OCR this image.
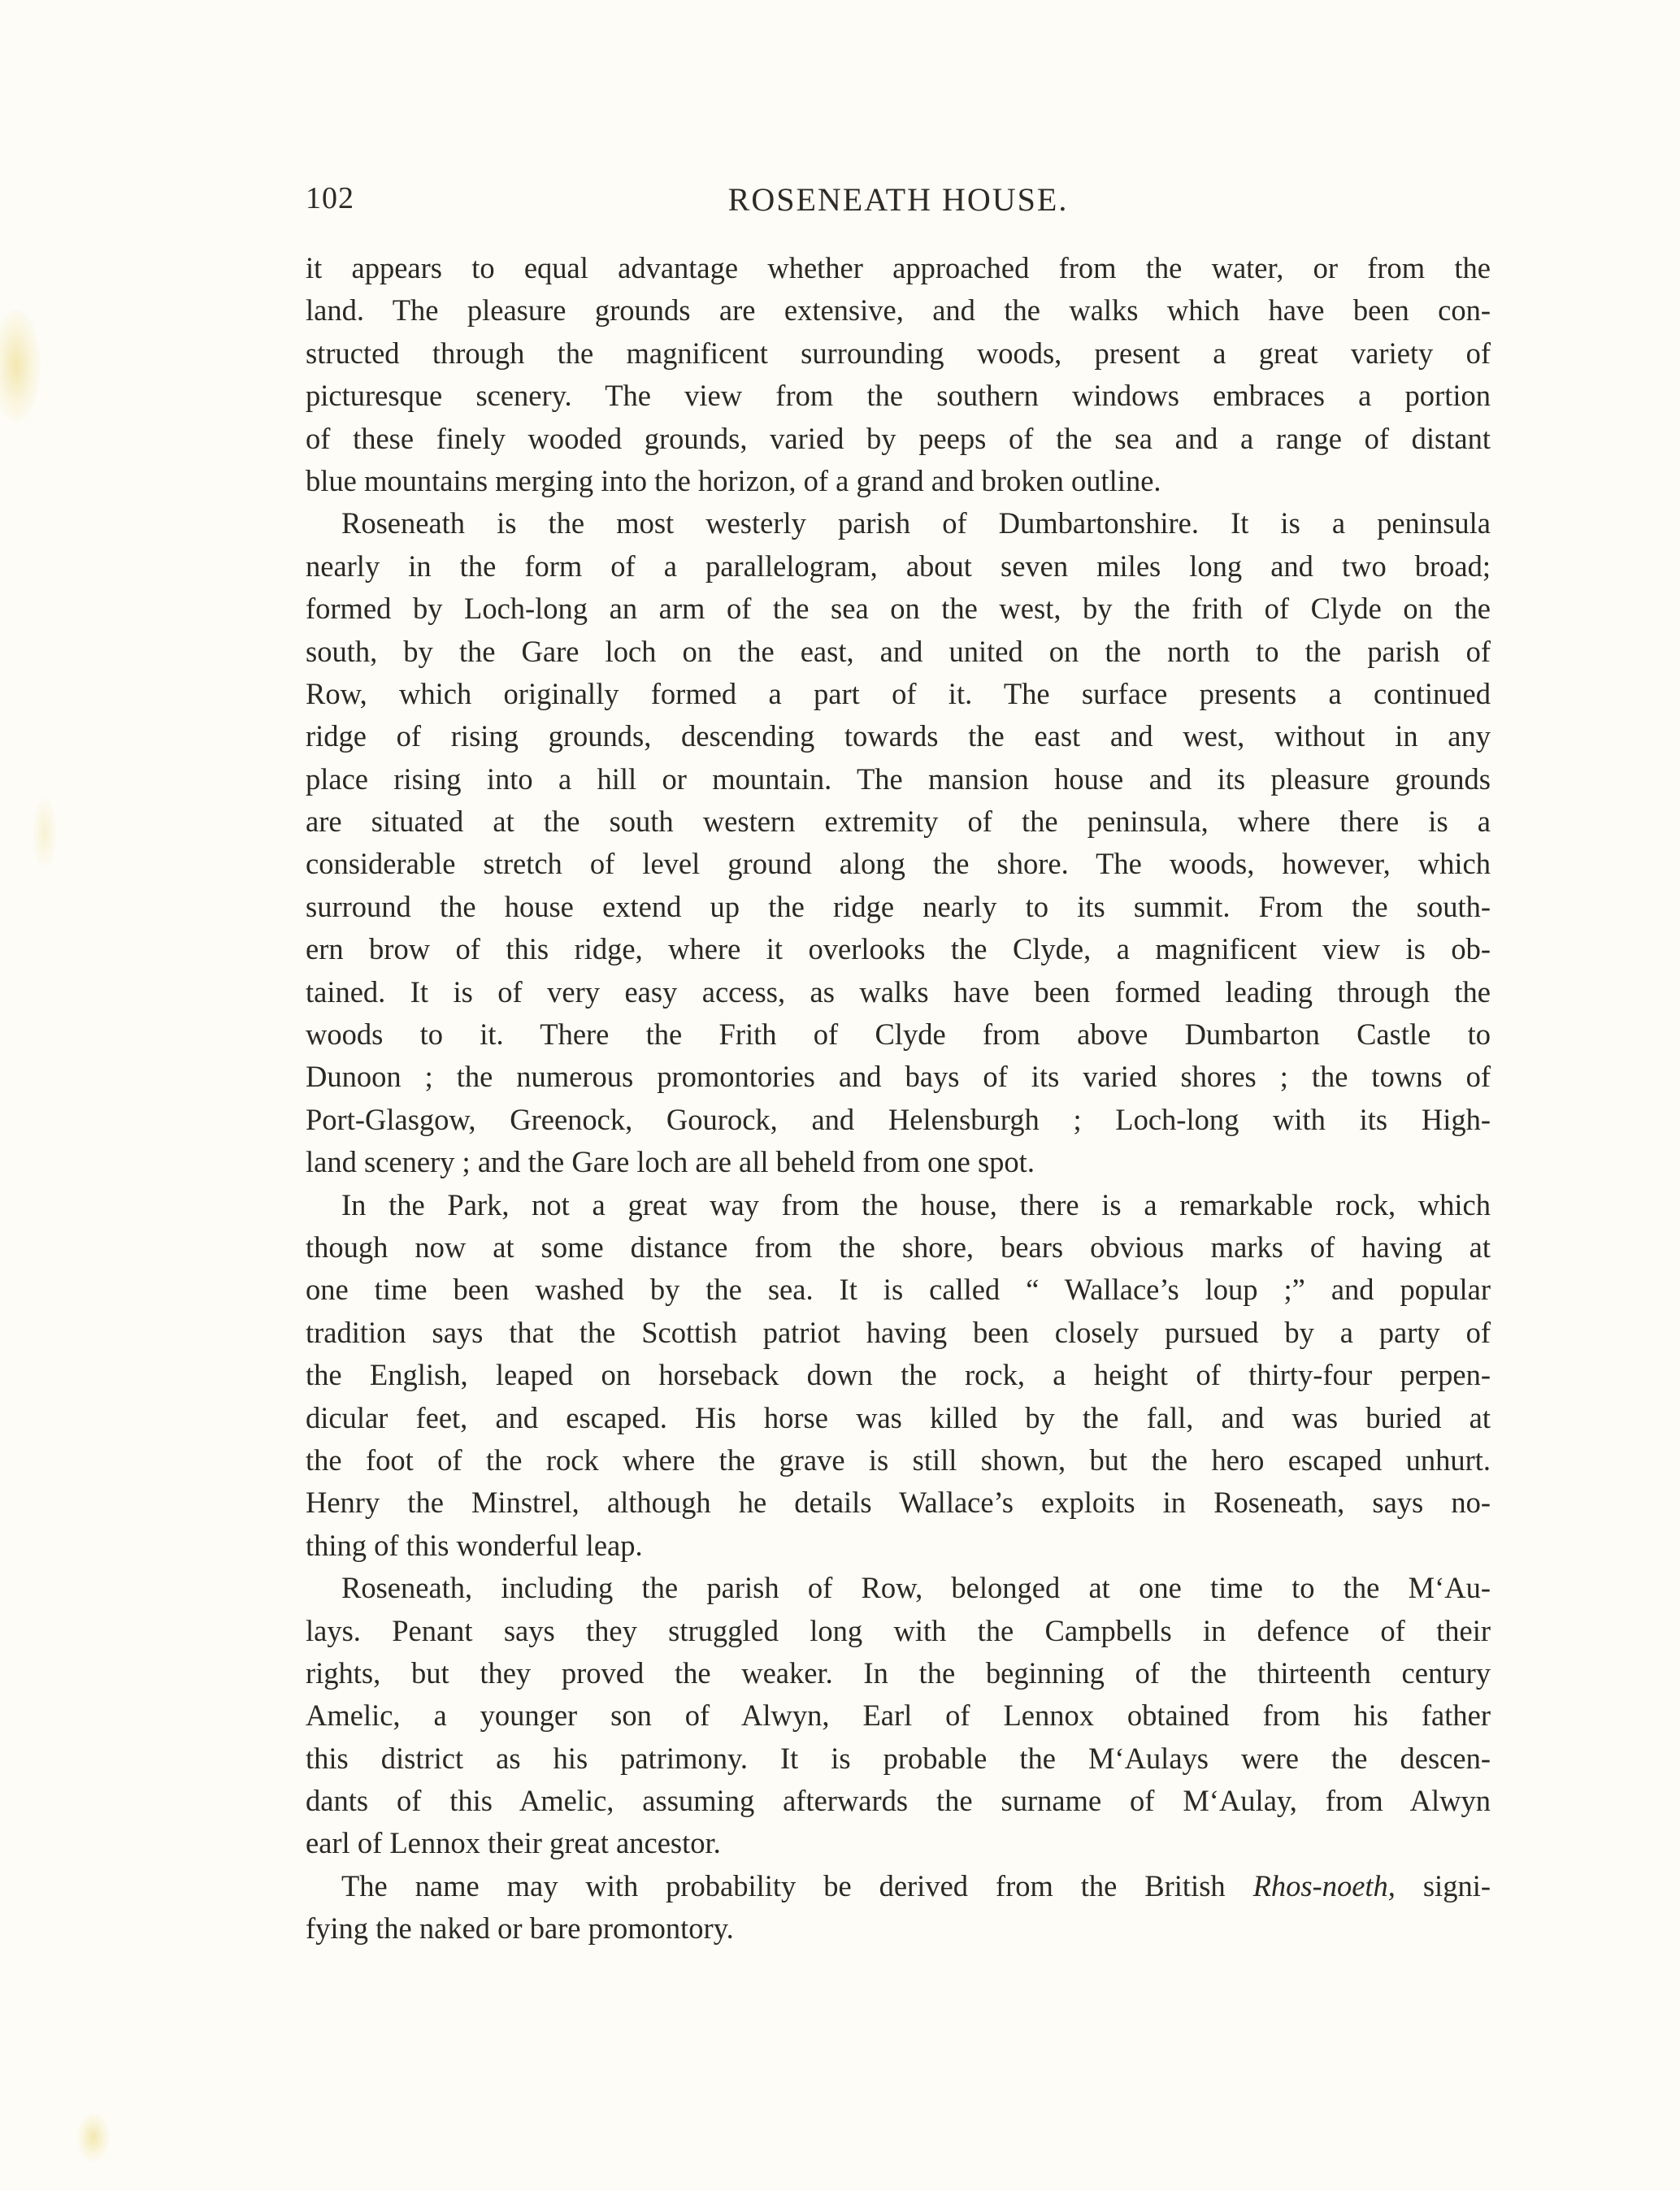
102	ROSENEATH HOUSE.
it appears to equal advantage whether approached from the water, or from the
land. The pleasure grounds are extensive, and the walks which have been con-
structed through the magnificent surrounding woods, present a great variety of
picturesque scenery. The view from the southern windows embraces a portion
of these finely wooded grounds, varied by peeps of the sea and a range of distant
blue mountains merging into the horizon, of a grand and broken outline.
Roseneath is the most westerly parish of Dumbartonshire. It is a peninsula
nearly in the form of a parallelogram, about seven miles long and two broad;
formed by Loch-long an arm of the sea on the west, by the frith of Clyde on the
south, by the Gare loch on the east, and united on the north to the parish of
Row, which originally formed a part of it. The surface presents a continued
ridge of rising grounds, descending towards the east and west, without in any
place rising into a hill or mountain. The mansion house and its pleasure grounds
are situated at the south western extremity of the peninsula, where there is a
considerable stretch of level ground along the shore. The woods, however, which
surround the house extend up the ridge nearly to its summit. From the south-
ern brow of this ridge, where it overlooks the Clyde, a magnificent view is ob-
tained. It is of very easy access, as walks have been formed leading through the
woods to it. There the Frith of Clyde from above Dumbarton Castle to
Dunoon ; the numerous promontories and bays of its varied shores ; the towns of
Port-Glasgow, Greenock, Gourock, and Helensburgh ; Loch-long with its High-
land scenery ; and the Gare loch are all beheld from one spot.
In the Park, not a great way from the house, there is a remarkable rock, which
though now at some distance from the shore, bears obvious marks of having at
one time been washed by the sea. It is called “ Wallace’s loup ;” and popular
tradition says that the Scottish patriot having been closely pursued by a party of
the English, leaped on horseback down the rock, a height of thirty-four perpen-
dicular feet, and escaped. His horse was killed by the fall, and was buried at
the foot of the rock where the grave is still shown, but the hero escaped unhurt.
Henry the Minstrel, although he details Wallace’s exploits in Roseneath, says no-
thing of this wonderful leap.
Roseneath, including the parish of Row, belonged at one time to the M‘Au-
lays. Penant says they struggled long with the Campbells in defence of their
rights, but they proved the weaker. In the beginning of the thirteenth century
Amelic, a younger son of Alwyn, Earl of Lennox obtained from his father
this district as his patrimony. It is probable the M‘Aulays were the descen-
dants of this Amelic, assuming afterwards the surname of M‘Aulay, from Alwyn
earl of Lennox their great ancestor.
The name may with probability be derived from the British Rhos-noeth, signi-
fying the naked or bare promontory.
